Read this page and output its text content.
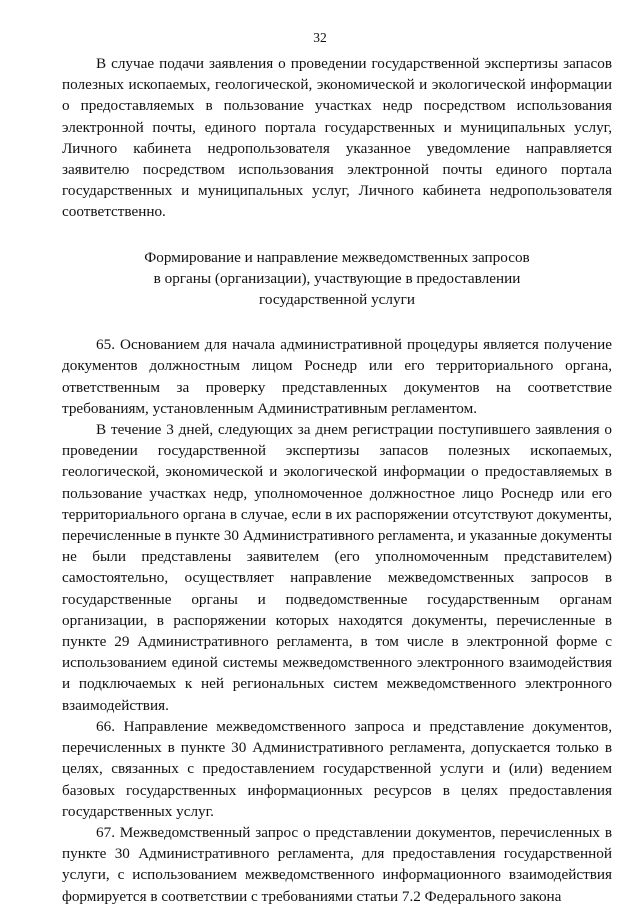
32

В случае подачи заявления о проведении государственной экспертизы запасов полезных ископаемых, геологической, экономической и экологической информации о предоставляемых в пользование участках недр посредством использования электронной почты, единого портала государственных и муниципальных услуг, Личного кабинета недропользователя указанное уведомление направляется заявителю посредством использования электронной почты единого портала государственных и муниципальных услуг, Личного кабинета недропользователя соответственно.

Формирование и направление межведомственных запросов
в органы (организации), участвующие в предоставлении
государственной услуги

65. Основанием для начала административной процедуры является получение документов должностным лицом Роснедр или его территориального органа, ответственным за проверку представленных документов на соответствие требованиям, установленным Административным регламентом.

В течение 3 дней, следующих за днем регистрации поступившего заявления о проведении государственной экспертизы запасов полезных ископаемых, геологической, экономической и экологической информации о предоставляемых в пользование участках недр, уполномоченное должностное лицо Роснедр или его территориального органа в случае, если в их распоряжении отсутствуют документы, перечисленные в пункте 30 Административного регламента, и указанные документы не были представлены заявителем (его уполномоченным представителем) самостоятельно, осуществляет направление межведомственных запросов в государственные органы и подведомственные государственным органам организации, в распоряжении которых находятся документы, перечисленные в пункте 29 Административного регламента, в том числе в электронной форме с использованием единой системы межведомственного электронного взаимодействия и подключаемых к ней региональных систем межведомственного электронного взаимодействия.

66. Направление межведомственного запроса и представление документов, перечисленных в пункте 30 Административного регламента, допускается только в целях, связанных с предоставлением государственной услуги и (или) ведением базовых государственных информационных ресурсов в целях предоставления государственных услуг.

67. Межведомственный запрос о представлении документов, перечисленных в пункте 30 Административного регламента, для предоставления государственной услуги, с использованием межведомственного информационного взаимодействия формируется в соответствии с требованиями статьи 7.2 Федерального закона
